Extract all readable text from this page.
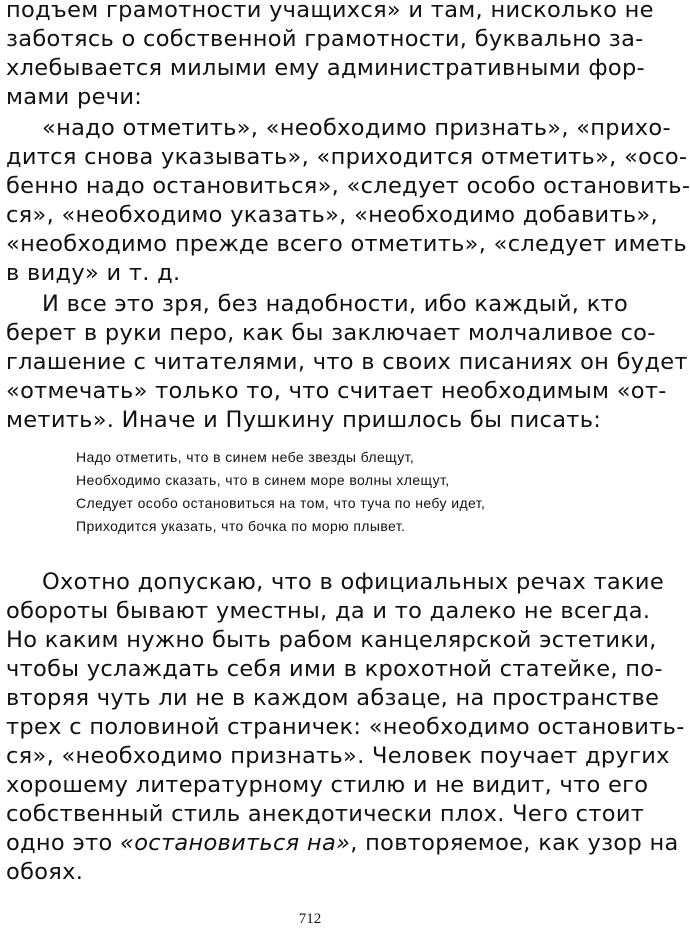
подъем грамотности учащихся» и там, нисколько не
заботясь о собственной грамотности, буквально за-
хлебывается милыми ему административными фор-
мами речи:
«надо отметить», «необходимо признать», «прихо-
дится снова указывать», «приходится отметить», «осо-
бенно надо остановиться», «следует особо остановить-
ся», «необходимо указать», «необходимо добавить»,
«необходимо прежде всего отметить», «следует иметь
в виду» и т. д.
И все это зря, без надобности, ибо каждый, кто
берет в руки перо, как бы заключает молчаливое со-
глашение с читателями, что в своих писаниях он будет
«отмечать» только то, что считает необходимым «от-
метить». Иначе и Пушкину пришлось бы писать:
Надо отметить, что в синем небе звезды блещут,
Необходимо сказать, что в синем море волны хлещут,
Следует особо остановиться на том, что туча по небу идет,
Приходится указать, что бочка по морю плывет.
Охотно допускаю, что в официальных речах такие
обороты бывают уместны, да и то далеко не всегда.
Но каким нужно быть рабом канцелярской эстетики,
чтобы услаждать себя ими в крохотной статейке, по-
вторяя чуть ли не в каждом абзаце, на пространстве
трех с половиной страничек: «необходимо остановить-
ся», «необходимо признать». Человек поучает других
хорошему литературному стилю и не видит, что его
собственный стиль анекдотически плох. Чего стоит
одно это «остановиться на», повторяемое, как узор на
обоях.
712
